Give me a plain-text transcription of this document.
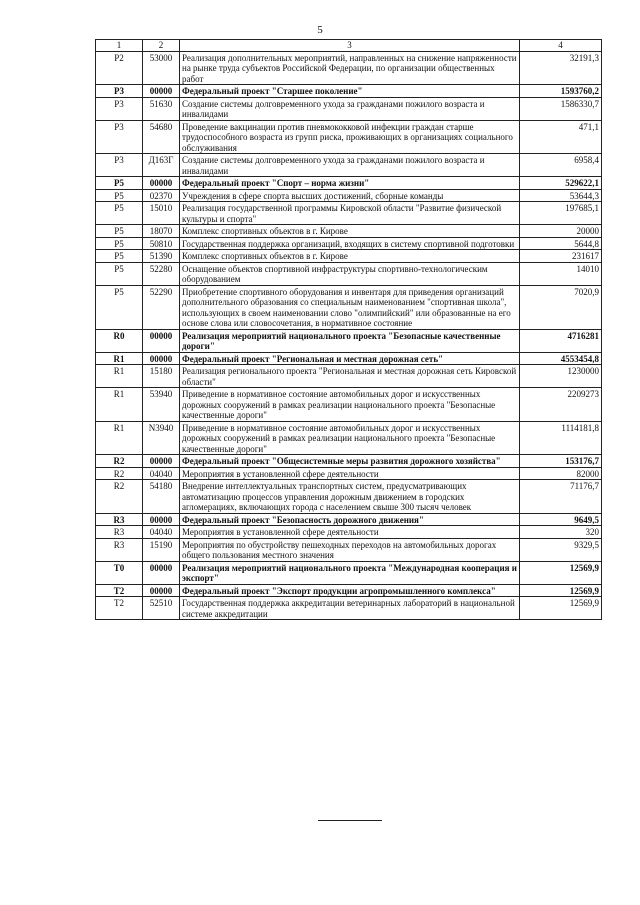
5
1	2	3	4
P2	53000	Реализация дополнительных мероприятий, направленных на снижение напряженности на рынке труда субъектов Российской Федерации, по организации общественных работ	32191,3
P3	00000	Федеральный проект "Старшее поколение"	1593760,2
P3	51630	Создание системы долговременного ухода за гражданами пожилого возраста и инвалидами	1586330,7
P3	54680	Проведение вакцинации против пневмококковой инфекции граждан старше трудоспособного возраста из групп риска, проживающих в организациях социального обслуживания	471,1
P3	Д163Г	Создание системы долговременного ухода за гражданами пожилого возраста и инвалидами	6958,4
P5	00000	Федеральный проект "Спорт – норма жизни"	529622,1
P5	02370	Учреждения в сфере спорта высших достижений, сборные команды	53644,3
P5	15010	Реализация государственной программы Кировской области "Развитие физической культуры и спорта"	197685,1
P5	18070	Комплекс спортивных объектов в г. Кирове	20000
P5	50810	Государственная поддержка организаций, входящих в систему спортивной подготовки	5644,8
P5	51390	Комплекс спортивных объектов в г. Кирове	231617
P5	52280	Оснащение объектов спортивной инфраструктуры спортивно-технологическим оборудованием	14010
P5	52290	Приобретение спортивного оборудования и инвентаря для приведения организаций дополнительного образования со специальным наименованием "спортивная школа", использующих в своем наименовании слово "олимпийский" или образованные на его основе слова или словосочетания, в нормативное состояние	7020,9
R0	00000	Реализация мероприятий национального проекта "Безопасные качественные дороги"	4716281
R1	00000	Федеральный проект "Региональная и местная дорожная сеть"	4553454,8
R1	15180	Реализация регионального проекта "Региональная и местная дорожная сеть Кировской области"	1230000
R1	53940	Приведение в нормативное состояние автомобильных дорог и искусственных дорожных сооружений в рамках реализации национального проекта "Безопасные качественные дороги"	2209273
R1	N3940	Приведение в нормативное состояние автомобильных дорог и искусственных дорожных сооружений в рамках реализации национального проекта "Безопасные качественные дороги"	1114181,8
R2	00000	Федеральный проект "Общесистемные меры развития дорожного хозяйства"	153176,7
R2	04040	Мероприятия в установленной сфере деятельности	82000
R2	54180	Внедрение интеллектуальных транспортных систем, предусматривающих автоматизацию процессов управления дорожным движением в городских агломерациях, включающих города с населением свыше 300 тысяч человек	71176,7
R3	00000	Федеральный проект "Безопасность дорожного движения"	9649,5
R3	04040	Мероприятия в установленной сфере деятельности	320
R3	15190	Мероприятия по обустройству пешеходных переходов на автомобильных дорогах общего пользования местного значения	9329,5
T0	00000	Реализация мероприятий национального проекта "Международная кооперация и экспорт"	12569,9
T2	00000	Федеральный проект "Экспорт продукции агропромышленного комплекса"	12569,9
T2	52510	Государственная поддержка аккредитации ветеринарных лабораторий в национальной системе аккредитации	12569,9
